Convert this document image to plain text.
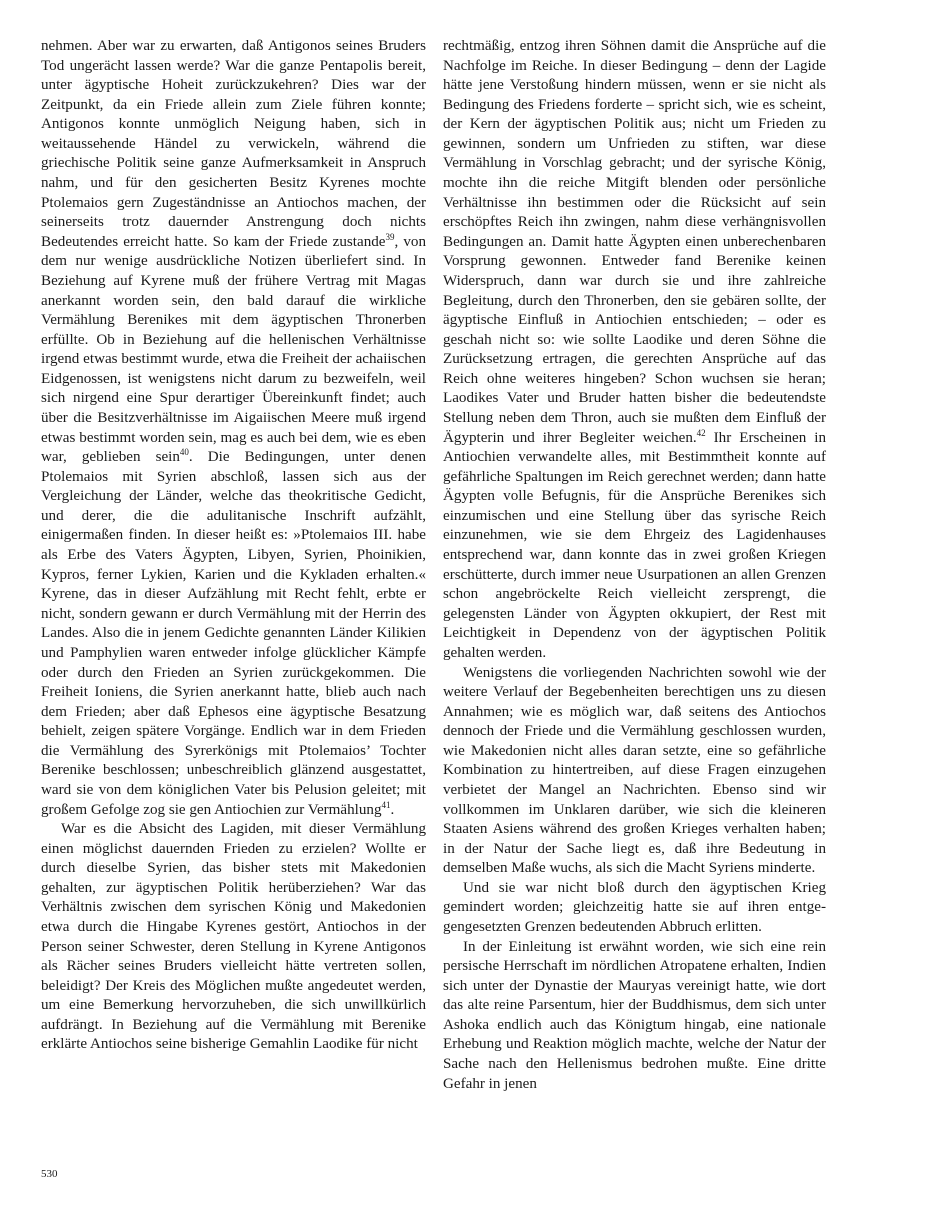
nehmen. Aber war zu erwarten, daß Antigonos seines Bruders Tod ungerächt lassen werde? War die ganze Pentapolis bereit, unter ägyptische Hoheit zurückzukehren? Dies war der Zeitpunkt, da ein Friede allein zum Ziele führen konnte; Antigonos konnte unmöglich Neigung haben, sich in weitaussehende Händel zu verwickeln, während die griechische Politik seine ganze Aufmerksamkeit in Anspruch nahm, und für den gesicherten Besitz Kyrenes mochte Ptolemaios gern Zugeständnisse an Antiochos machen, der seinerseits trotz dauernder Anstrengung doch nichts Bedeutendes erreicht hatte. So kam der Friede zustande$^{39}$, von dem nur wenige ausdrückliche Notizen überliefert sind. In Beziehung auf Kyrene muß der frühere Vertrag mit Magas anerkannt worden sein, den bald darauf die wirkliche Vermählung Berenikes mit dem ägyptischen Thronerben erfüllte. Ob in Beziehung auf die hellenischen Verhältnisse irgend etwas bestimmt wurde, etwa die Freiheit der achaiischen Eidgenossen, ist wenigstens nicht darum zu bezweifeln, weil sich nirgend eine Spur derartiger Übereinkunft findet; auch über die Besitzverhältnisse im Aigaiischen Meere muß irgend etwas bestimmt worden sein, mag es auch bei dem, wie es eben war, geblieben sein$^{40}$. Die Bedingungen, unter denen Ptolemaios mit Syrien abschloß, lassen sich aus der Vergleichung der Länder, welche das theokritische Gedicht, und derer, die die adulitanische Inschrift aufzählt, einigermaßen finden. In dieser heißt es: »Ptolemaios III. habe als Erbe des Vaters Ägypten, Libyen, Syrien, Phoinikien, Kypros, ferner Lykien, Karien und die Kykladen erhalten.« Kyrene, das in dieser Aufzählung mit Recht fehlt, erbte er nicht, sondern gewann er durch Vermählung mit der Herrin des Landes. Also die in jenem Gedichte genannten Länder Kilikien und Pamphylien waren entweder infolge glücklicher Kämpfe oder durch den Frieden an Syrien zurückgekommen. Die Freiheit Ioniens, die Syrien anerkannt hatte, blieb auch nach dem Frieden; aber daß Ephesos eine ägyptische Besatzung behielt, zeigen spätere Vorgänge. Endlich war in dem Frieden die Vermählung des Syrerkönigs mit Ptolemaios’ Tochter Berenike beschlossen; unbeschreiblich glänzend ausgestattet, ward sie von dem königlichen Vater bis Pelusion geleitet; mit großem Gefolge zog sie gen Antiochien zur Vermählung$^{41}$.

War es die Absicht des Lagiden, mit dieser Vermählung einen möglichst dauernden Frieden zu erzielen? Wollte er durch dieselbe Syrien, das bisher stets mit Makedonien gehalten, zur ägyptischen Politik herüberziehen? War das Verhältnis zwischen dem syrischen König und Makedonien etwa durch die Hingabe Kyrenes gestört, Antiochos in der Person seiner Schwester, deren Stellung in Kyrene Antigonos als Rächer seines Bruders vielleicht hätte vertreten sollen, beleidigt? Der Kreis des Möglichen mußte angedeutet werden, um eine Bemerkung hervorzuheben, die sich unwillkürlich aufdrängt. In Beziehung auf die Vermählung mit Berenike erklärte Antiochos seine bisherige Gemahlin Laodike für nicht

rechtmäßig, entzog ihren Söhnen damit die Ansprüche auf die Nachfolge im Reiche. In dieser Bedingung – denn der Lagide hätte jene Verstoßung hindern müssen, wenn er sie nicht als Bedingung des Friedens forderte – spricht sich, wie es scheint, der Kern der ägyptischen Politik aus; nicht um Frieden zu gewinnen, sondern um Unfrieden zu stiften, war diese Vermählung in Vorschlag gebracht; und der syrische König, mochte ihn die reiche Mitgift blenden oder persönliche Verhältnisse ihn bestimmen oder die Rücksicht auf sein erschöpftes Reich ihn zwingen, nahm diese verhängnisvollen Bedingungen an. Damit hatte Ägypten einen unberechenbaren Vorsprung gewonnen. Entweder fand Berenike keinen Widerspruch, dann war durch sie und ihre zahlreiche Begleitung, durch den Thronerben, den sie gebären sollte, der ägyptische Einfluß in Antiochien entschieden; – oder es geschah nicht so: wie sollte Laodike und deren Söhne die Zurücksetzung ertragen, die gerechten Ansprüche auf das Reich ohne weiteres hingeben? Schon wuchsen sie heran; Laodikes Vater und Bruder hatten bisher die bedeutendste Stellung neben dem Thron, auch sie mußten dem Einfluß der Ägypterin und ihrer Begleiter weichen.$^{42}$ Ihr Erscheinen in Antiochien verwandelte alles, mit Bestimmtheit konnte auf gefährliche Spaltungen im Reich gerechnet werden; dann hatte Ägypten volle Befugnis, für die Ansprüche Berenikes sich einzumischen und eine Stellung über das syrische Reich einzunehmen, wie sie dem Ehrgeiz des Lagidenhauses entsprechend war, dann konnte das in zwei großen Kriegen erschütterte, durch immer neue Usurpationen an allen Grenzen schon angebröckelte Reich vielleicht zersprengt, die gelegensten Länder von Ägypten okkupiert, der Rest mit Leichtigkeit in Dependenz von der ägyptischen Politik gehalten werden.

Wenigstens die vorliegenden Nachrichten sowohl wie der weitere Verlauf der Begebenheiten berechtigen uns zu diesen Annahmen; wie es möglich war, daß seitens des Antiochos dennoch der Friede und die Vermählung geschlossen wurden, wie Makedonien nicht alles daran setzte, eine so gefährliche Kombination zu hintertreiben, auf diese Fragen einzugehen verbietet der Mangel an Nachrichten. Ebenso sind wir vollkommen im Unklaren darüber, wie sich die kleineren Staaten Asiens während des großen Krieges verhalten haben; in der Natur der Sache liegt es, daß ihre Bedeutung in demselben Maße wuchs, als sich die Macht Syriens minderte.

Und sie war nicht bloß durch den ägyptischen Krieg gemindert worden; gleichzeitig hatte sie auf ihren entgegengesetzten Grenzen bedeutenden Abbruch erlitten.

In der Einleitung ist erwähnt worden, wie sich eine rein persische Herrschaft im nördlichen Atropatene erhalten, Indien sich unter der Dynastie der Mauryas vereinigt hatte, wie dort das alte reine Parsentum, hier der Buddhismus, dem sich unter Ashoka endlich auch das Königtum hingab, eine nationale Erhebung und Reaktion möglich machte, welche der Natur der Sache nach den Hellenismus bedrohen mußte. Eine dritte Gefahr in jenen

530
